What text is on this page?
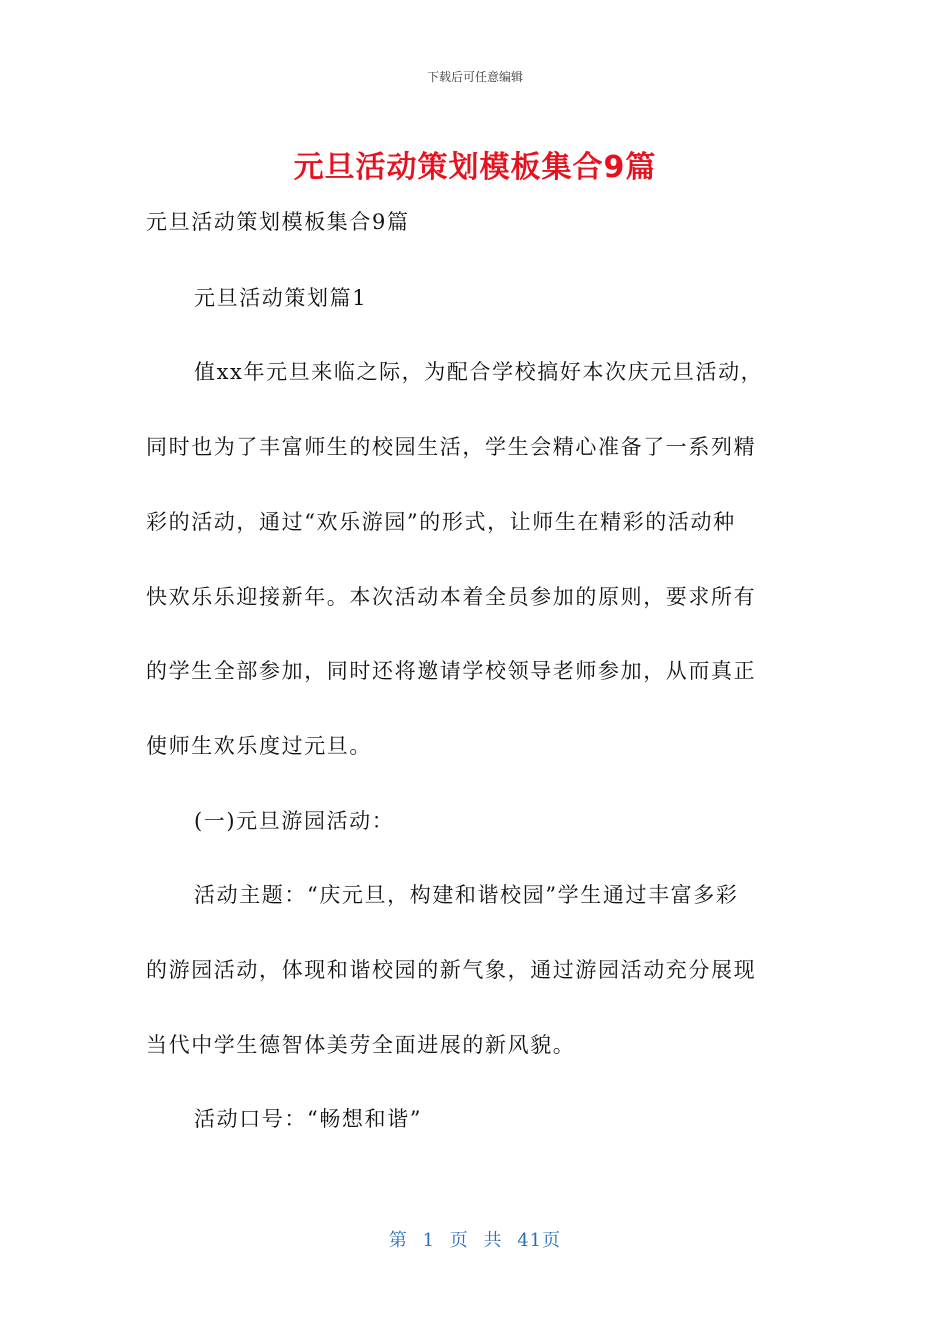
下载后可任意编辑
元旦活动策划模板集合9篇
元旦活动策划模板集合9篇
元旦活动策划篇1
值xx年元旦来临之际，为配合学校搞好本次庆元旦活动，
同时也为了丰富师生的校园生活，学生会精心准备了一系列精
彩的活动，通过“欢乐游园”的形式，让师生在精彩的活动种
快欢乐乐迎接新年。本次活动本着全员参加的原则，要求所有
的学生全部参加，同时还将邀请学校领导老师参加，从而真正
使师生欢乐度过元旦。
(一)元旦游园活动：
活动主题：“庆元旦，构建和谐校园”学生通过丰富多彩
的游园活动，体现和谐校园的新气象，通过游园活动充分展现
当代中学生德智体美劳全面进展的新风貌。
活动口号：“畅想和谐”
第 1 页 共 41页
